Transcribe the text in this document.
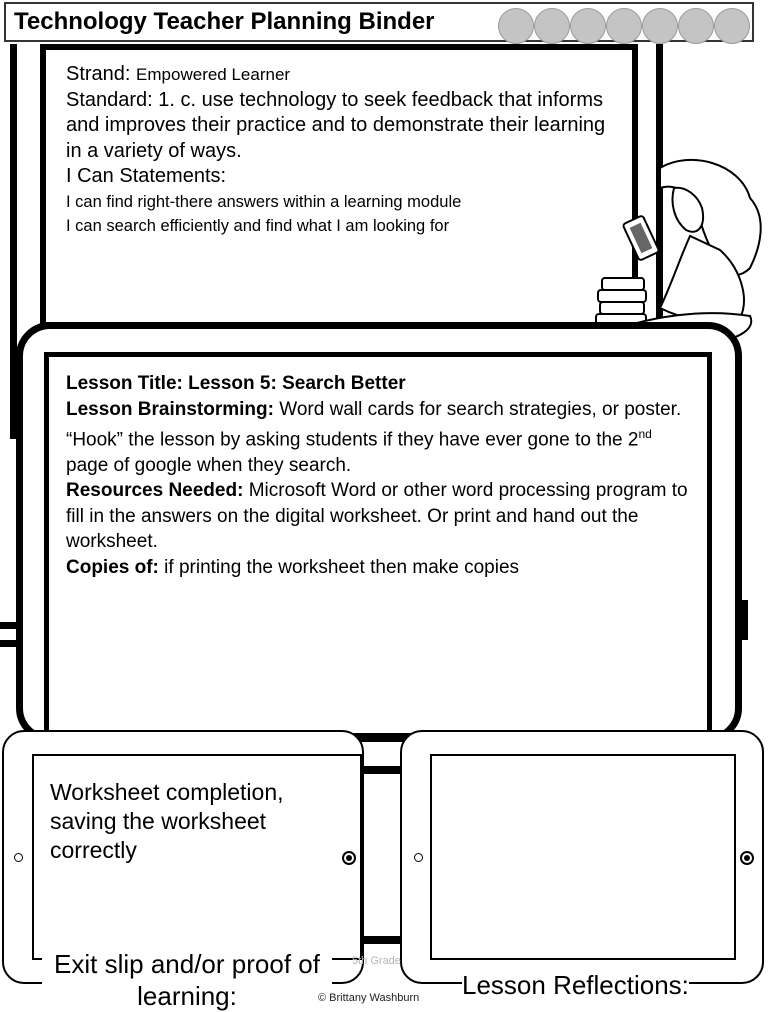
Technology Teacher Planning Binder
Strand: Empowered Learner
Standard: 1. c. use technology to seek feedback that informs and improves their practice and to demonstrate their learning in a variety of ways.
I Can Statements:
I can find right-there answers within a learning module
I can search efficiently and find what I am looking for
Lesson Title: Lesson 5: Search Better
Lesson Brainstorming: Word wall cards for search strategies, or poster. “Hook” the lesson by asking students if they have ever gone to the 2nd page of google when they search.
Resources Needed: Microsoft Word or other word processing program to fill in the answers on the digital worksheet. Or print and hand out the worksheet.
Copies of: if printing the worksheet then make copies
Worksheet completion, saving the worksheet correctly
Exit slip and/or proof of learning:	Lesson Reflections:
5th Grade
© Brittany Washburn
